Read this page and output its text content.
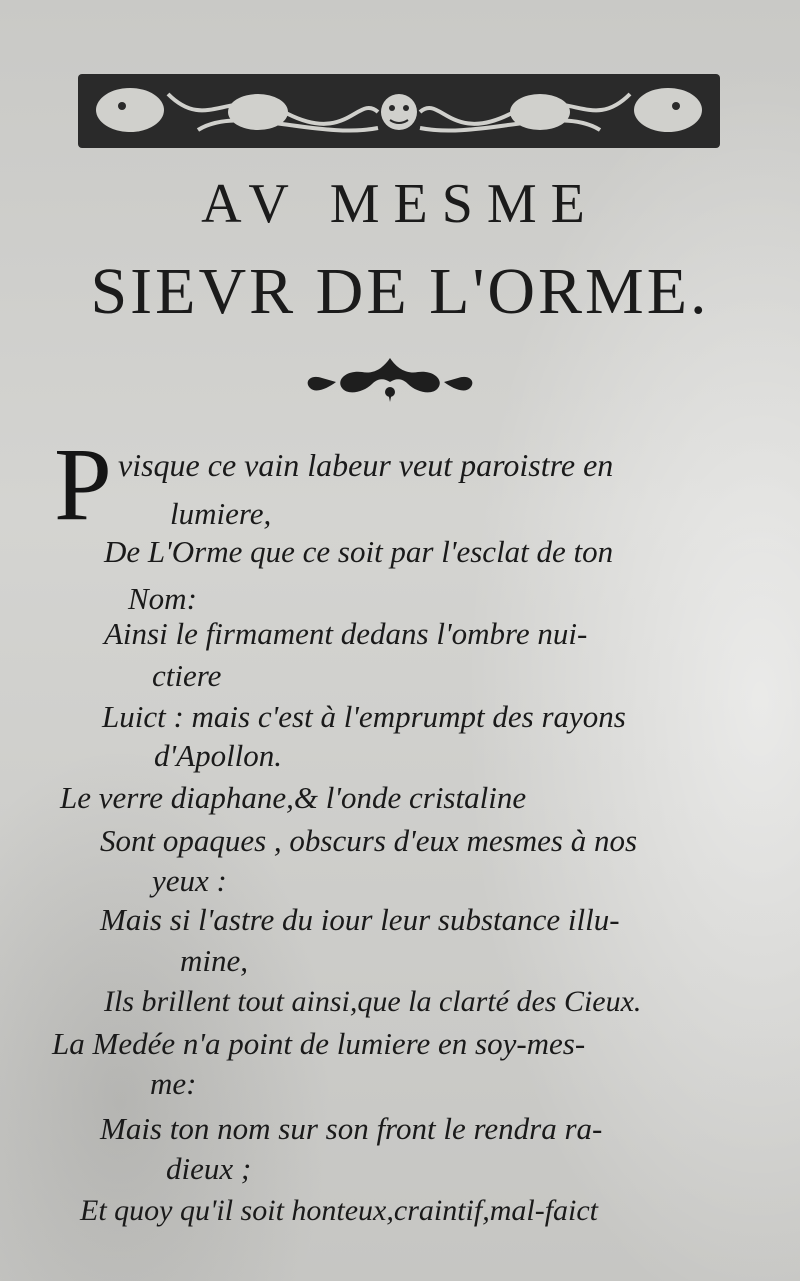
AV MESME
SIEVR DE L'ORME.
P visque ce vain labeur veut paroistre en
lumiere,
De L'Orme que ce soit par l'esclat de ton
Nom:
Ainsi le firmament dedans l'ombre nui-
ctiere
Luict : mais c'est à l'emprumpt des rayons
d'Apollon.
Le verre diaphane,& l'onde cristaline
Sont opaques , obscurs d'eux mesmes à nos
yeux :
Mais si l'astre du iour leur substance illu-
mine,
Ils brillent tout ainsi,que la clarté des Cieux.
La Medée n'a point de lumiere en soy-mes-
me:
Mais ton nom sur son front le rendra ra-
dieux ;
Et quoy qu'il soit honteux,craintif,mal-faict
